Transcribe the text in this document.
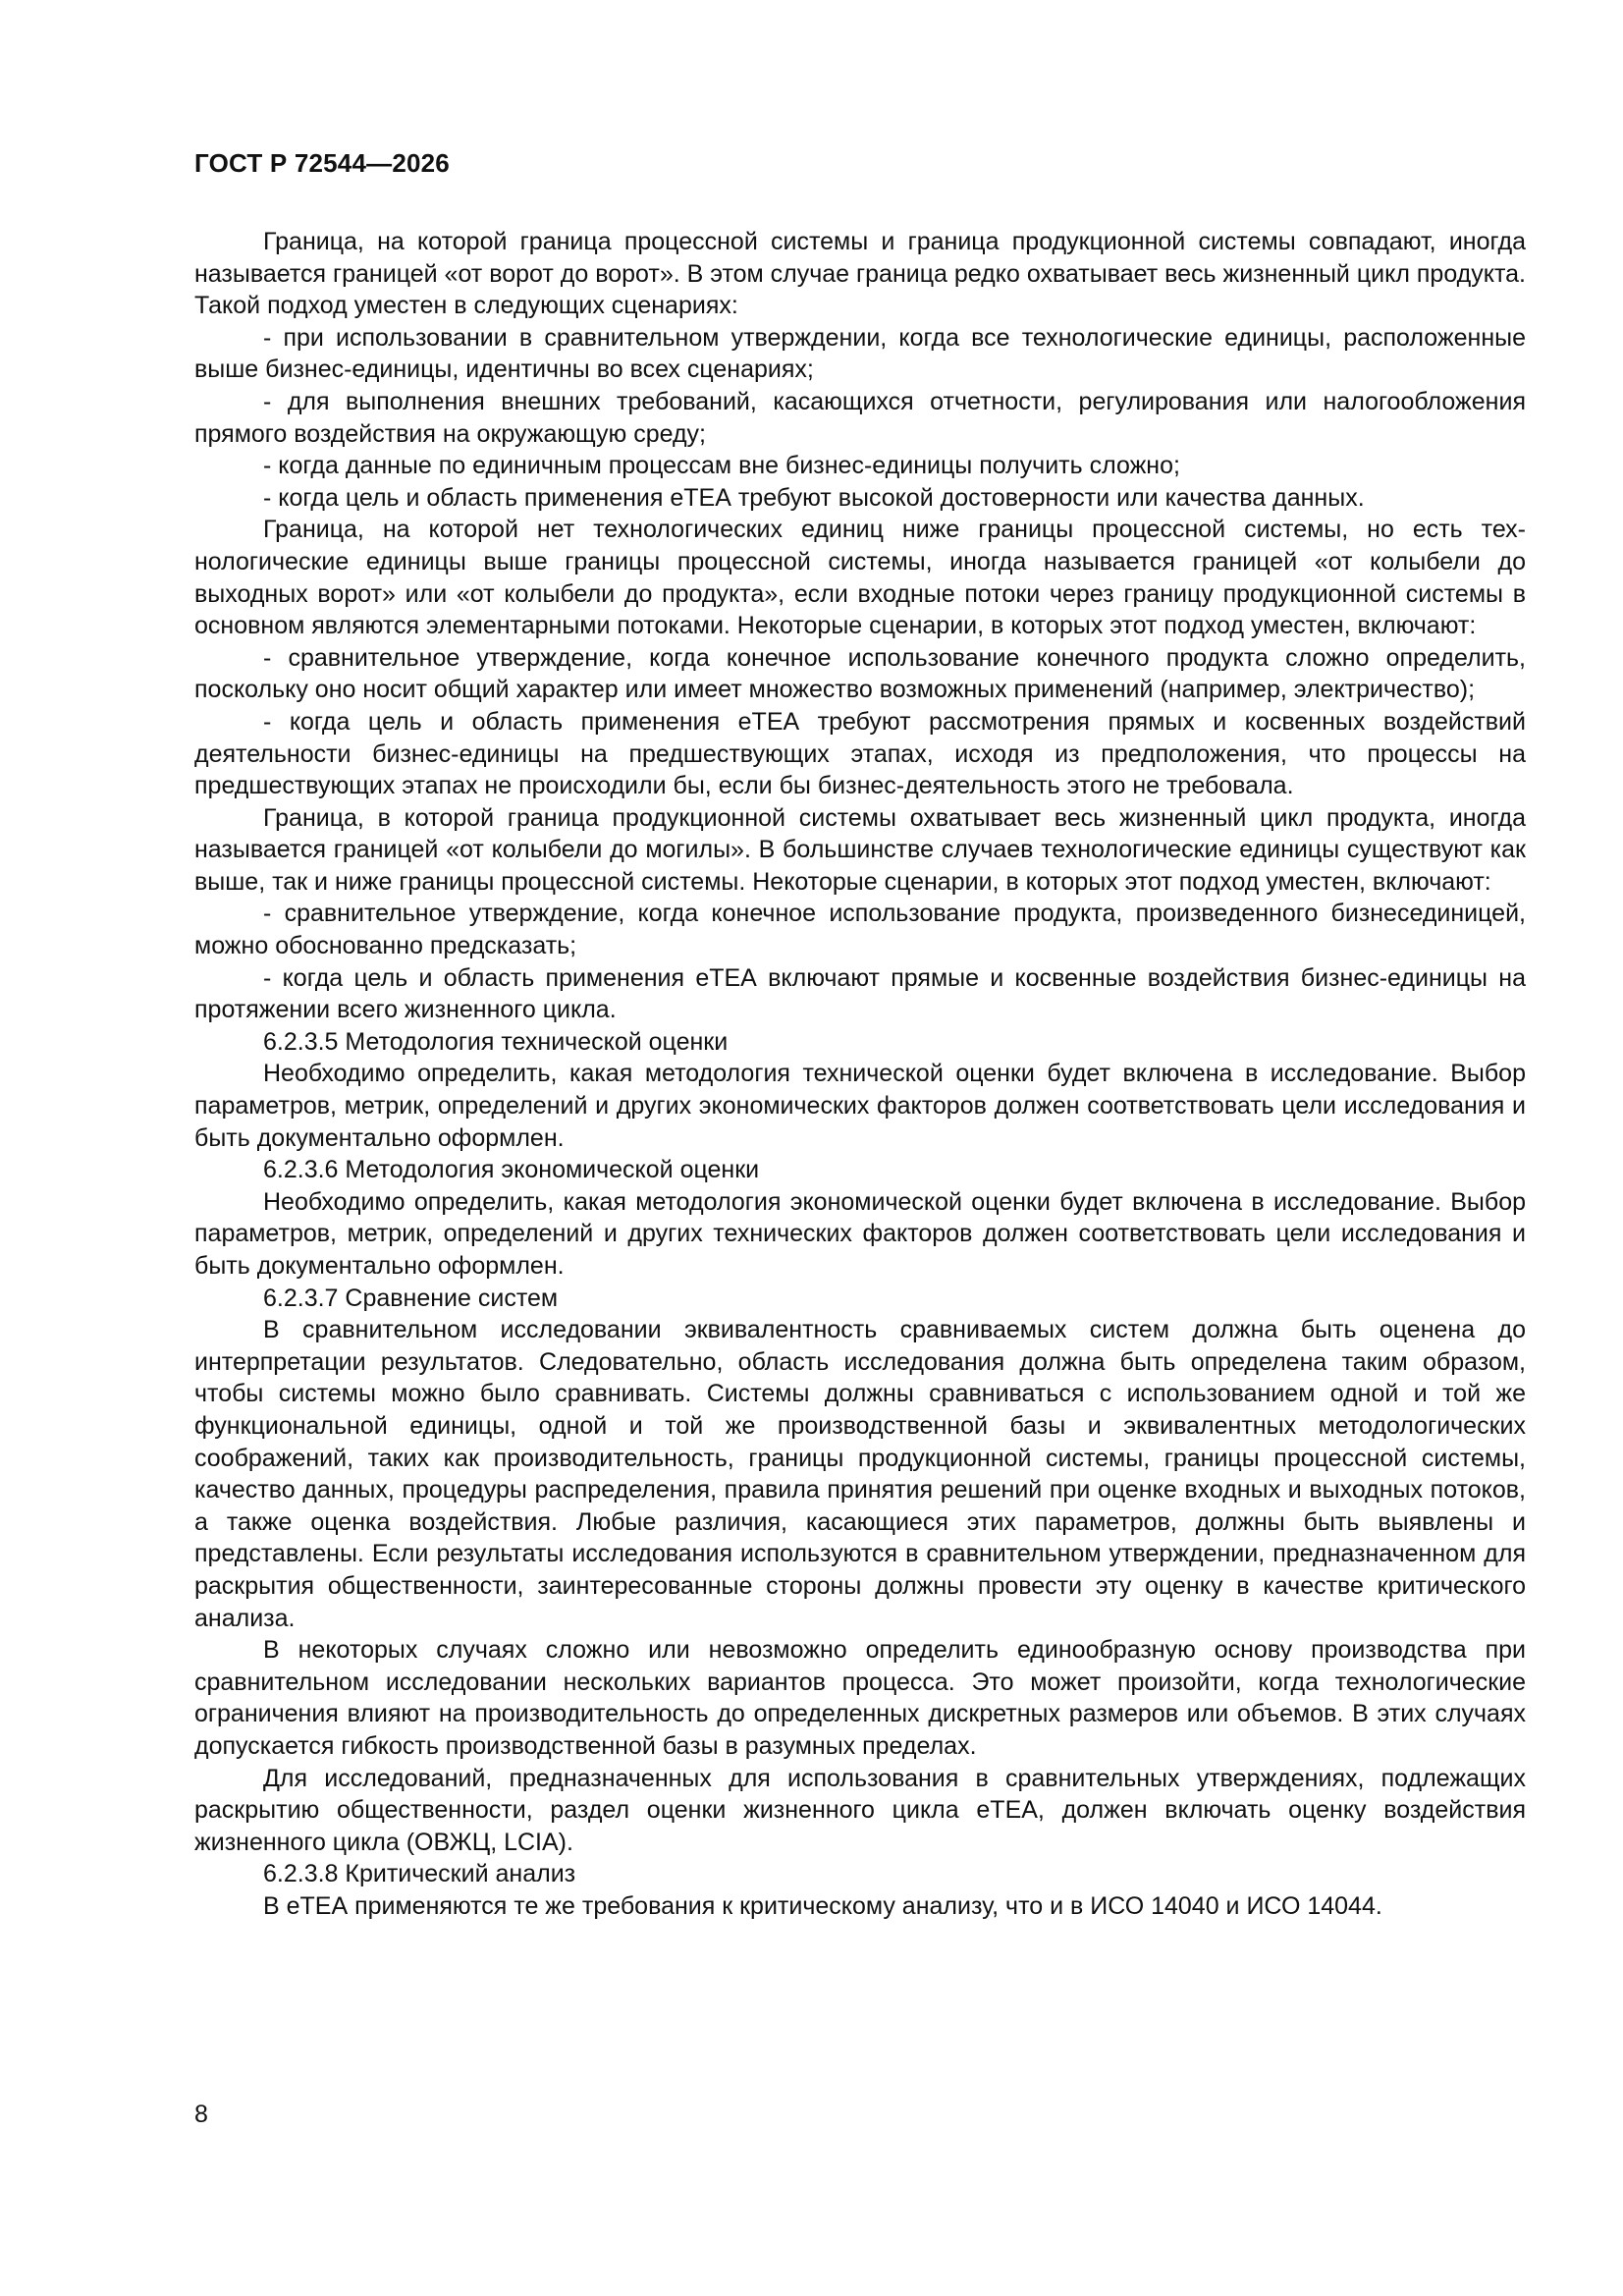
ГОСТ Р 72544—2026

Граница, на которой граница процессной системы и граница продукционной системы совпадают, иногда называется границей «от ворот до ворот». В этом случае граница редко охватывает весь жизненный цикл продукта. Такой подход уместен в следующих сценариях:

- при использовании в сравнительном утверждении, когда все технологические единицы, расположенные выше бизнес-единицы, идентичны во всех сценариях;

- для выполнения внешних требований, касающихся отчетности, регулирования или налогообложения прямого воздействия на окружающую среду;

- когда данные по единичным процессам вне бизнес-единицы получить сложно;

- когда цель и область применения еТЕА требуют высокой достоверности или качества данных.

Граница, на которой нет технологических единиц ниже границы процессной системы, но есть технологические единицы выше границы процессной системы, иногда называется границей «от колыбели до выходных ворот» или «от колыбели до продукта», если входные потоки через границу продукционной системы в основном являются элементарными потоками. Некоторые сценарии, в которых этот подход уместен, включают:

- сравнительное утверждение, когда конечное использование конечного продукта сложно определить, поскольку оно носит общий характер или имеет множество возможных применений (например, электричество);

- когда цель и область применения еТЕА требуют рассмотрения прямых и косвенных воздействий деятельности бизнес-единицы на предшествующих этапах, исходя из предположения, что процессы на предшествующих этапах не происходили бы, если бы бизнес-деятельность этого не требовала.

Граница, в которой граница продукционной системы охватывает весь жизненный цикл продукта, иногда называется границей «от колыбели до могилы». В большинстве случаев технологические единицы существуют как выше, так и ниже границы процессной системы. Некоторые сценарии, в которых этот подход уместен, включают:

- сравнительное утверждение, когда конечное использование продукта, произведенного бизнесединицей, можно обоснованно предсказать;

- когда цель и область применения еТЕА включают прямые и косвенные воздействия бизнес-единицы на протяжении всего жизненного цикла.

6.2.3.5 Методология технической оценки

Необходимо определить, какая методология технической оценки будет включена в исследование. Выбор параметров, метрик, определений и других экономических факторов должен соответствовать цели исследования и быть документально оформлен.

6.2.3.6 Методология экономической оценки

Необходимо определить, какая методология экономической оценки будет включена в исследование. Выбор параметров, метрик, определений и других технических факторов должен соответствовать цели исследования и быть документально оформлен.

6.2.3.7 Сравнение систем

В сравнительном исследовании эквивалентность сравниваемых систем должна быть оценена до интерпретации результатов. Следовательно, область исследования должна быть определена таким образом, чтобы системы можно было сравнивать. Системы должны сравниваться с использованием одной и той же функциональной единицы, одной и той же производственной базы и эквивалентных методологических соображений, таких как производительность, границы продукционной системы, границы процессной системы, качество данных, процедуры распределения, правила принятия решений при оценке входных и выходных потоков, а также оценка воздействия. Любые различия, касающиеся этих параметров, должны быть выявлены и представлены. Если результаты исследования используются в сравнительном утверждении, предназначенном для раскрытия общественности, заинтересованные стороны должны провести эту оценку в качестве критического анализа.

В некоторых случаях сложно или невозможно определить единообразную основу производства при сравнительном исследовании нескольких вариантов процесса. Это может произойти, когда технологические ограничения влияют на производительность до определенных дискретных размеров или объемов. В этих случаях допускается гибкость производственной базы в разумных пределах.

Для исследований, предназначенных для использования в сравнительных утверждениях, подлежащих раскрытию общественности, раздел оценки жизненного цикла еТЕА, должен включать оценку воздействия жизненного цикла (ОВЖЦ, LCIA).

6.2.3.8 Критический анализ

В еТЕА применяются те же требования к критическому анализу, что и в ИСО 14040 и ИСО 14044.

8
